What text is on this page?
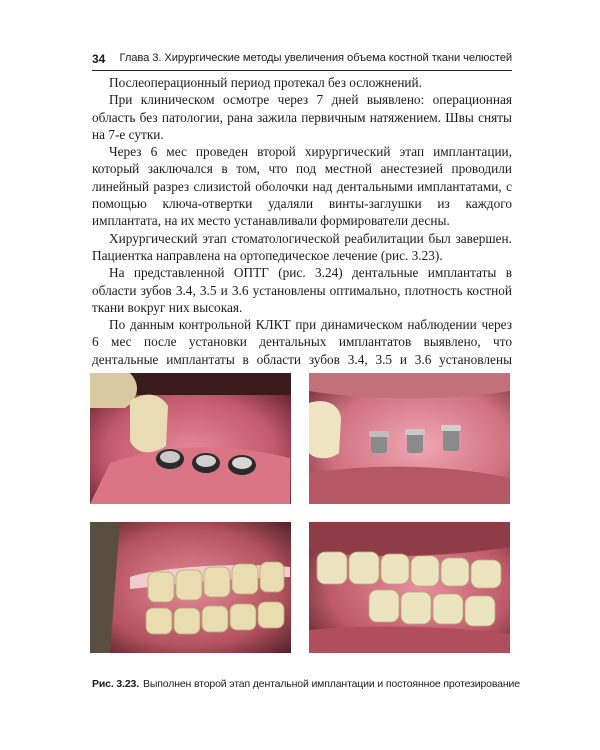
34 Глава 3. Хирургические методы увеличения объема костной ткани челюстей

Послеоперационный период протекал без осложнений.

При клиническом осмотре через 7 дней выявлено: операционная область без патологии, рана зажила первичным натяжением. Швы сняты на 7-е сутки.

Через 6 мес проведен второй хирургический этап имплантации, который заключался в том, что под местной анестезией проводили линейный разрез слизистой оболочки над дентальными имплантатами, с помощью ключа-отвертки удаляли винты-заглушки из каждого имплантата, на их место устанавливали формирователи десны.

Хирургический этап стоматологической реабилитации был завершен. Пациентка направлена на ортопедическое лечение (рис. 3.23).

На представленной ОПТГ (рис. 3.24) дентальные имплантаты в области зубов 3.4, 3.5 и 3.6 установлены оптимально, плотность костной ткани вокруг них высокая.

По данным контрольной КЛКТ при динамическом наблюдении через 6 мес после установки дентальных имплантатов выявлено, что дентальные имплантаты в области зубов 3.4, 3.5 и 3.6 установлены

Рис. 3.23. Выполнен второй этап дентальной имплантации и постоянное протезирование
